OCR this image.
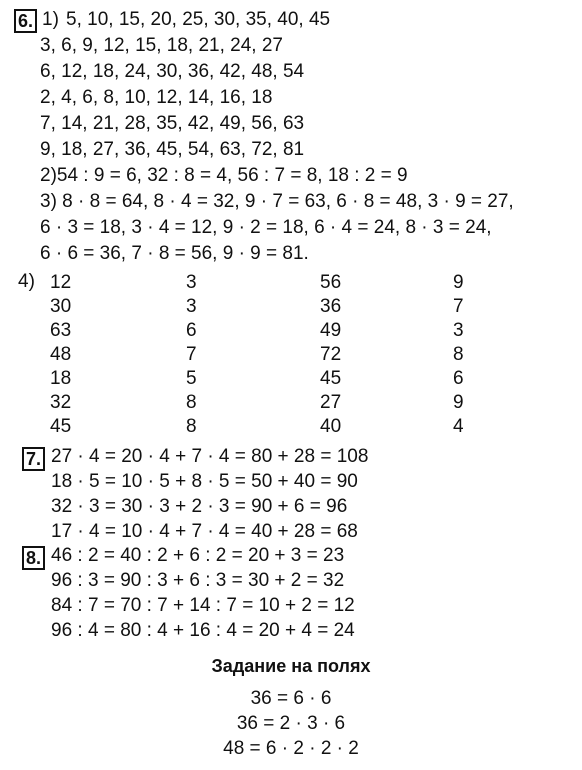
6. 1) 5, 10, 15, 20, 25, 30, 35, 40, 45
3, 6, 9, 12, 15, 18, 21, 24, 27
6, 12, 18, 24, 30, 36, 42, 48, 54
2, 4, 6, 8, 10, 12, 14, 16, 18
7, 14, 21, 28, 35, 42, 49, 56, 63
9, 18, 27, 36, 45, 54, 63, 72, 81
2)54 : 9 = 6, 32 : 8 = 4, 56 : 7 = 8, 18 : 2 = 9
3) 8 · 8 = 64, 8 · 4 = 32, 9 · 7 = 63, 6 · 8 = 48, 3 · 9 = 27,
6 · 3 = 18, 3 · 4 = 12, 9 · 2 = 18, 6 · 4 = 24, 8 · 3 = 24,
6 · 6 = 36, 7 · 8 = 56, 9 · 9 = 81.
4) 12
30
63
48
18
32
45
3
3
6
7
5
8
8
56
36
49
72
45
27
40
9
7
3
8
6
9
4
7. 27 · 4 = 20 · 4 + 7 · 4 = 80 + 28 = 108
18 · 5 = 10 · 5 + 8 · 5 = 50 + 40 = 90
32 · 3 = 30 · 3 + 2 · 3 = 90 + 6 = 96
17 · 4 = 10 · 4 + 7 · 4 = 40 + 28 = 68
8. 46 : 2 = 40 : 2 + 6 : 2 = 20 + 3 = 23
96 : 3 = 90 : 3 + 6 : 3 = 30 + 2 = 32
84 : 7 = 70 : 7 + 14 : 7 = 10 + 2 = 12
96 : 4 = 80 : 4 + 16 : 4 = 20 + 4 = 24
Задание на полях
36 = 6 · 6
36 = 2 · 3 · 6
48 = 6 · 2 · 2 · 2
